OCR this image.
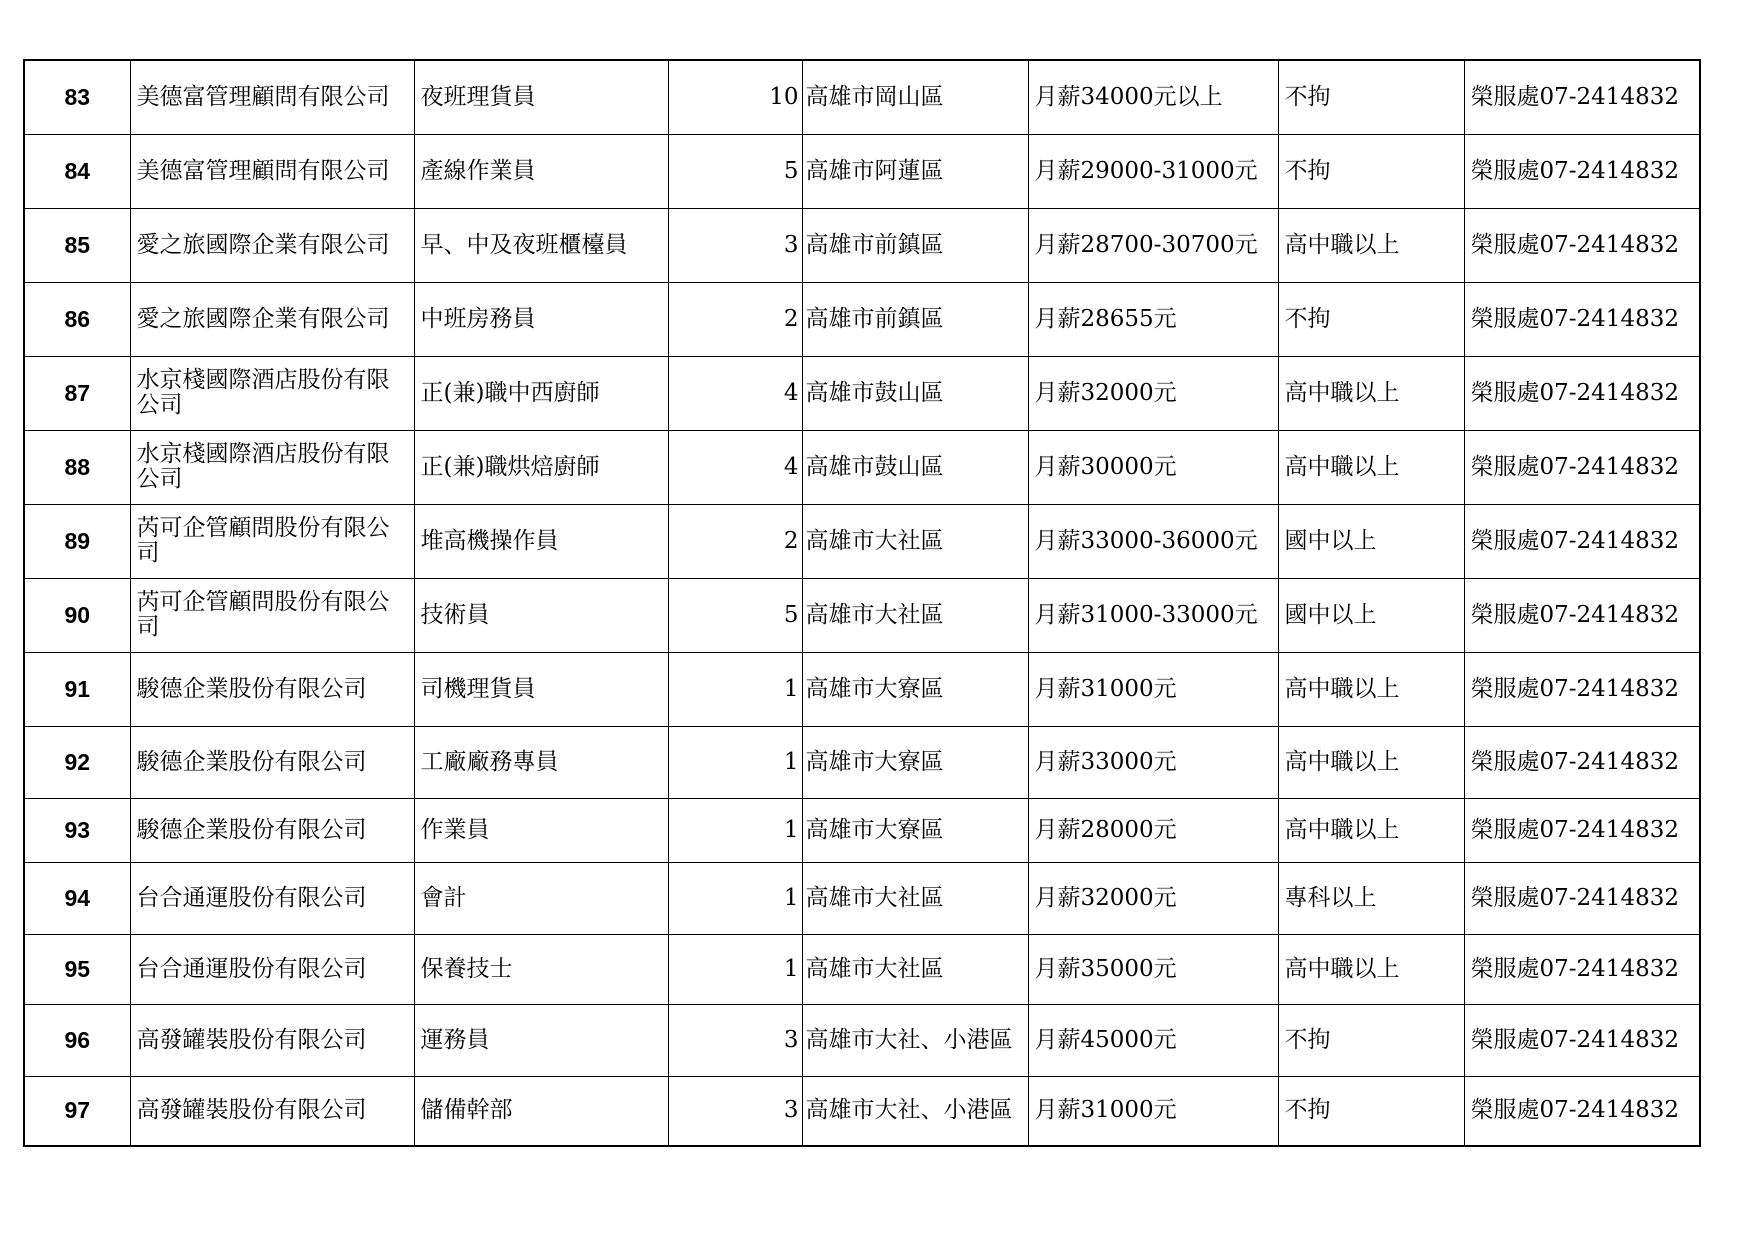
83	美德富管理顧問有限公司	夜班理貨員	10	高雄市岡山區	月薪34000元以上	不拘	榮服處07-2414832

84	美德富管理顧問有限公司	產線作業員	5	高雄市阿蓮區	月薪29000-31000元	不拘	榮服處07-2414832

85	愛之旅國際企業有限公司	早、中及夜班櫃檯員	3	高雄市前鎮區	月薪28700-30700元	高中職以上	榮服處07-2414832

86	愛之旅國際企業有限公司	中班房務員	2	高雄市前鎮區	月薪28655元	不拘	榮服處07-2414832

87	水京棧國際酒店股份有限公司	正(兼)職中西廚師	4	高雄市鼓山區	月薪32000元	高中職以上	榮服處07-2414832

88	水京棧國際酒店股份有限公司	正(兼)職烘焙廚師	4	高雄市鼓山區	月薪30000元	高中職以上	榮服處07-2414832

89	芮可企管顧問股份有限公司	堆高機操作員	2	高雄市大社區	月薪33000-36000元	國中以上	榮服處07-2414832

90	芮可企管顧問股份有限公司	技術員	5	高雄市大社區	月薪31000-33000元	國中以上	榮服處07-2414832

91	駿德企業股份有限公司	司機理貨員	1	高雄市大寮區	月薪31000元	高中職以上	榮服處07-2414832

92	駿德企業股份有限公司	工廠廠務專員	1	高雄市大寮區	月薪33000元	高中職以上	榮服處07-2414832

93	駿德企業股份有限公司	作業員	1	高雄市大寮區	月薪28000元	高中職以上	榮服處07-2414832

94	台合通運股份有限公司	會計	1	高雄市大社區	月薪32000元	專科以上	榮服處07-2414832

95	台合通運股份有限公司	保養技士	1	高雄市大社區	月薪35000元	高中職以上	榮服處07-2414832

96	高發罐裝股份有限公司	運務員	3	高雄市大社、小港區	月薪45000元	不拘	榮服處07-2414832

97	高發罐裝股份有限公司	儲備幹部	3	高雄市大社、小港區	月薪31000元	不拘	榮服處07-2414832
